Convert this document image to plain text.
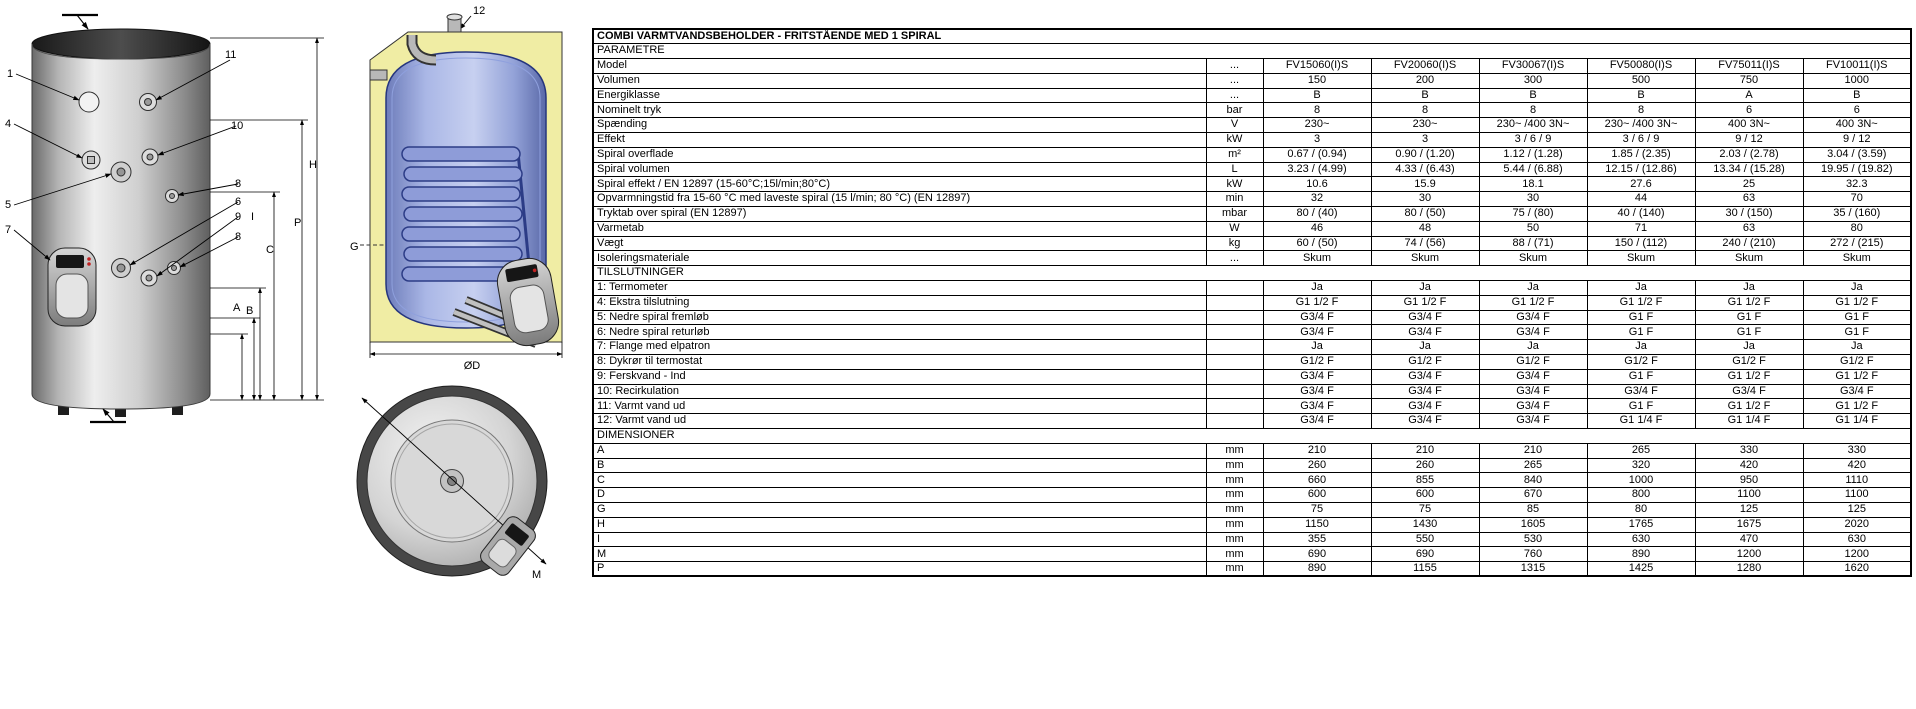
1
4
5
7
11
10
8
6
9
8
A B
C
I	P
H
12
G
ØD
M
COMBI VARMTVANDSBEHOLDER - FRITSTÅENDE MED 1 SPIRAL							
PARAMETRE							
Model	...	FV15060(I)S	FV20060(I)S	FV30067(I)S	FV50080(I)S	FV75011(I)S	FV10011(I)S
Volumen	...	150	200	300	500	750	1000
Energiklasse	...	B	B	B	B	A	B
Nominelt tryk	bar	8	8	8	8	6	6
Spænding	V	230~	230~	230~ /400 3N~	230~ /400 3N~	400 3N~	400 3N~
Effekt	kW	3	3	3 / 6 / 9	3 / 6 / 9	9 / 12	9 / 12
Spiral overflade	m²	0.67 / (0.94)	0.90 / (1.20)	1.12 / (1.28)	1.85 / (2.35)	2.03 / (2.78)	3.04 / (3.59)
Spiral volumen	L	3.23 / (4.99)	4.33 / (6.43)	5.44 / (6.88)	12.15 / (12.86)	13.34 / (15.28)	19.95 / (19.82)
Spiral effekt / EN 12897 (15-60°C;15l/min;80°C)	kW	10.6	15.9	18.1	27.6	25	32.3
Opvarmningstid fra 15-60 °C med laveste spiral (15 l/min; 80 °C) (EN 12897)	min	32	30	30	44	63	70
Tryktab over spiral (EN 12897)	mbar	80 / (40)	80 / (50)	75 / (80)	40 / (140)	30 / (150)	35 / (160)
Varmetab	W	46	48	50	71	63	80
Vægt	kg	60 / (50)	74 / (56)	88 / (71)	150 / (112)	240 / (210)	272 / (215)
Isoleringsmateriale	...	Skum	Skum	Skum	Skum	Skum	Skum
TILSLUTNINGER							
1: Termometer		Ja	Ja	Ja	Ja	Ja	Ja
4: Ekstra tilslutning		G1 1/2 F	G1 1/2 F	G1 1/2 F	G1 1/2 F	G1 1/2 F	G1 1/2 F
5: Nedre spiral fremløb		G3/4 F	G3/4 F	G3/4 F	G1 F	G1 F	G1 F
6: Nedre spiral returløb		G3/4 F	G3/4 F	G3/4 F	G1 F	G1 F	G1 F
7: Flange med elpatron		Ja	Ja	Ja	Ja	Ja	Ja
8: Dykrør til termostat		G1/2 F	G1/2 F	G1/2 F	G1/2 F	G1/2 F	G1/2 F
9: Ferskvand - Ind		G3/4 F	G3/4 F	G3/4 F	G1 F	G1 1/2 F	G1 1/2 F
10: Recirkulation		G3/4 F	G3/4 F	G3/4 F	G3/4 F	G3/4 F	G3/4 F
11: Varmt vand ud		G3/4 F	G3/4 F	G3/4 F	G1 F	G1 1/2 F	G1 1/2 F
12: Varmt vand ud		G3/4 F	G3/4 F	G3/4 F	G1 1/4 F	G1 1/4 F	G1 1/4 F
DIMENSIONER							
A	mm	210	210	210	265	330	330
B	mm	260	260	265	320	420	420
C	mm	660	855	840	1000	950	1110
D	mm	600	600	670	800	1100	1100
G	mm	75	75	85	80	125	125
H	mm	1150	1430	1605	1765	1675	2020
I	mm	355	550	530	630	470	630
M	mm	690	690	760	890	1200	1200
P	mm	890	1155	1315	1425	1280	1620
